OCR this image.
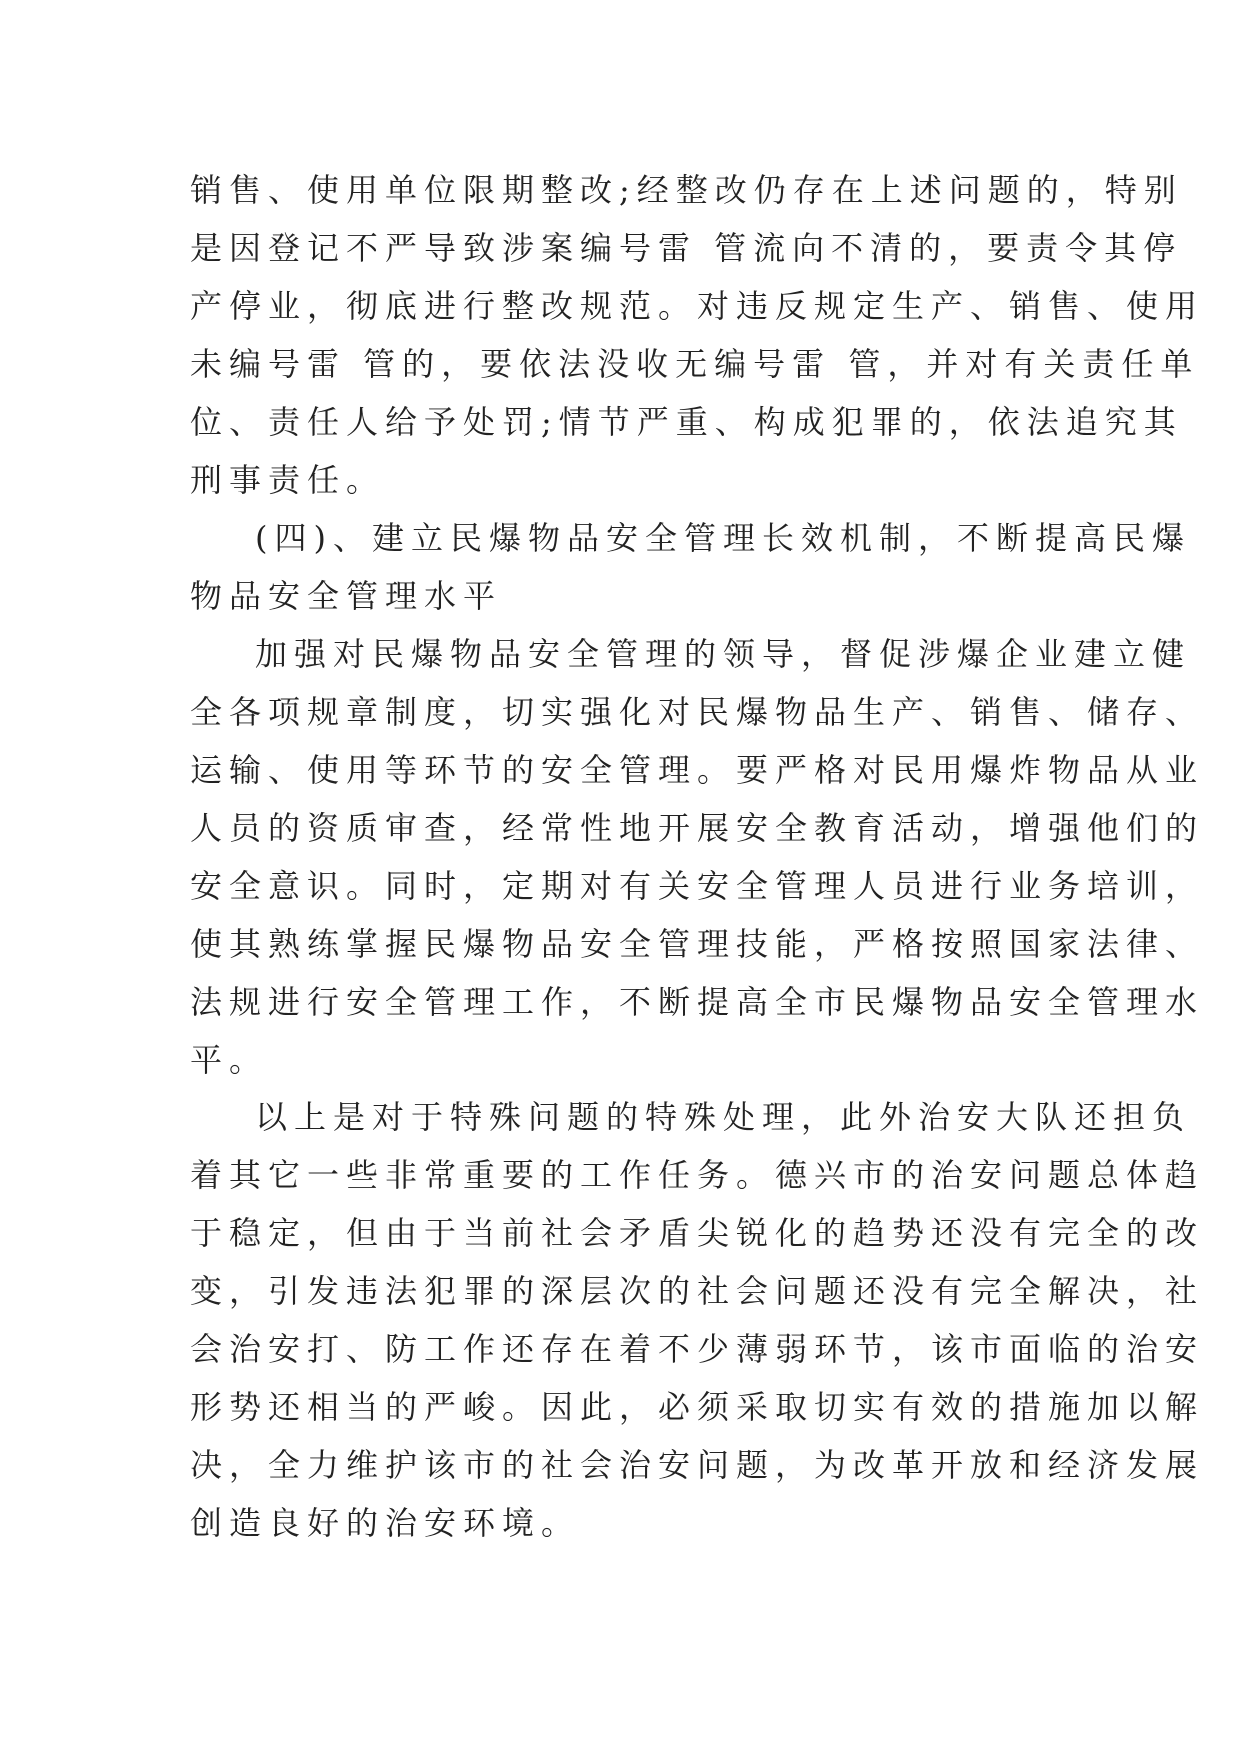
销售、使用单位限期整改;经整改仍存在上述问题的，特别
是因登记不严导致涉案编号雷 管流向不清的，要责令其停
产停业，彻底进行整改规范。对违反规定生产、销售、使用
未编号雷 管的，要依法没收无编号雷 管，并对有关责任单
位、责任人给予处罚;情节严重、构成犯罪的，依法追究其
刑事责任。
(四)、建立民爆物品安全管理长效机制，不断提高民爆
物品安全管理水平
加强对民爆物品安全管理的领导，督促涉爆企业建立健
全各项规章制度，切实强化对民爆物品生产、销售、储存、
运输、使用等环节的安全管理。要严格对民用爆炸物品从业
人员的资质审查，经常性地开展安全教育活动，增强他们的
安全意识。同时，定期对有关安全管理人员进行业务培训，
使其熟练掌握民爆物品安全管理技能，严格按照国家法律、
法规进行安全管理工作，不断提高全市民爆物品安全管理水
平。
以上是对于特殊问题的特殊处理，此外治安大队还担负
着其它一些非常重要的工作任务。德兴市的治安问题总体趋
于稳定，但由于当前社会矛盾尖锐化的趋势还没有完全的改
变，引发违法犯罪的深层次的社会问题还没有完全解决，社
会治安打、防工作还存在着不少薄弱环节，该市面临的治安
形势还相当的严峻。因此，必须采取切实有效的措施加以解
决，全力维护该市的社会治安问题，为改革开放和经济发展
创造良好的治安环境。
